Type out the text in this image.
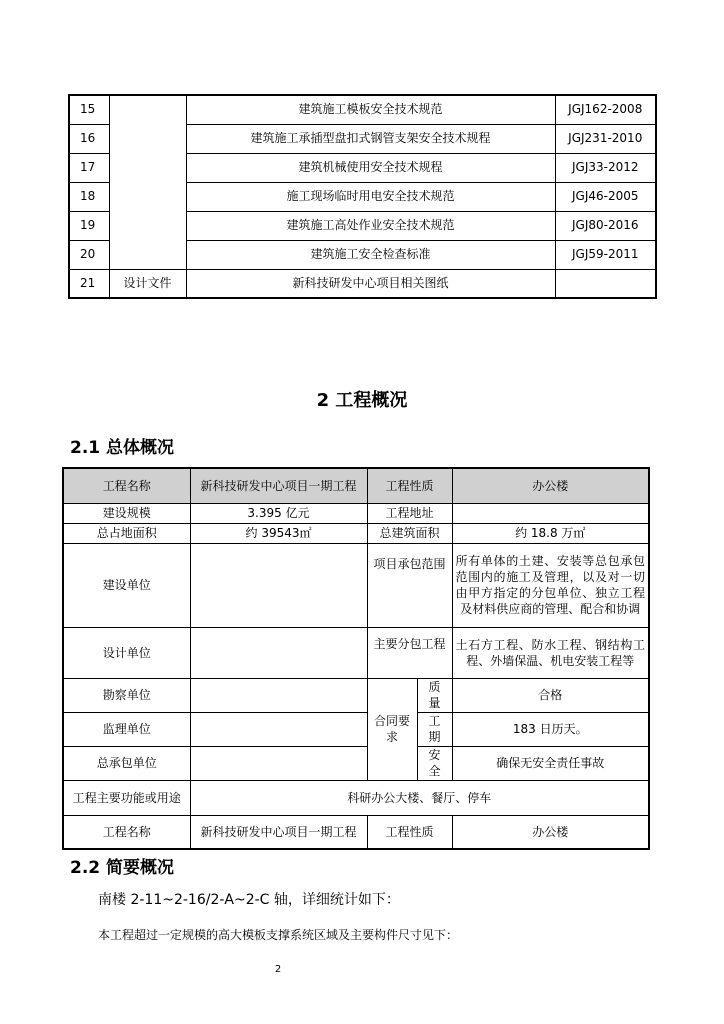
15		建筑施工模板安全技术规范	JGJ162-2008
16		建筑施工承插型盘扣式钢管支架安全技术规程	JGJ231-2010
17		建筑机械使用安全技术规程	JGJ33-2012
18		施工现场临时用电安全技术规范	JGJ46-2005
19		建筑施工高处作业安全技术规范	JGJ80-2016
20		建筑施工安全检查标准	JGJ59-2011
21	设计文件	新科技研发中心项目相关图纸	
2 工程概况
2.1 总体概况
工程名称	新科技研发中心项目一期工程	工程性质		办公楼
建设规模	3.395 亿元	工程地址		
总占地面积	约 39543㎡	总建筑面积		约 18.8 万㎡
建设单位		项目承包范围		所有单体的土建、安装等总包承包范围内的施工及管理，以及对一切由甲方指定的分包单位、独立工程及材料供应商的管理、配合和协调
设计单位		主要分包工程		土石方工程、防水工程、钢结构工程、外墙保温、机电安装工程等
勘察单位		合同要求	质量	合格
监理单位			工期	183 日历天。
总承包单位			安全	确保无安全责任事故
工程主要功能或用途	科研办公大楼、餐厅、停车			
工程名称	新科技研发中心项目一期工程	工程性质		办公楼
2.2 简要概况
南楼 2-11~2-16/2-A~2-C 轴，详细统计如下：
本工程超过一定规模的高大模板支撑系统区域及主要构件尺寸见下：
2
